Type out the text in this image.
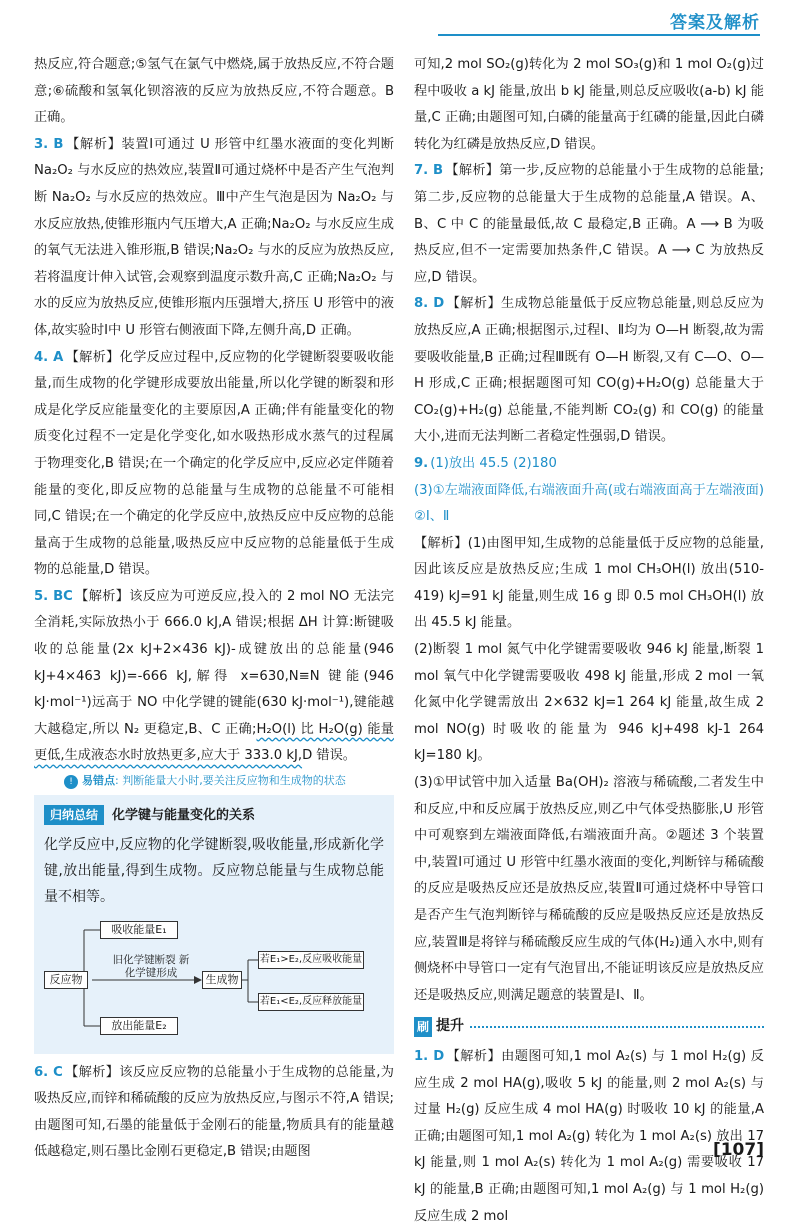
答案及解析

热反应,符合题意;⑤氢气在氯气中燃烧,属于放热反应,不符合题意;⑥硫酸和氢氧化钡溶液的反应为放热反应,不符合题意。B 正确。

3. B 【解析】装置Ⅰ可通过 U 形管中红墨水液面的变化判断 Na₂O₂ 与水反应的热效应,装置Ⅱ可通过烧杯中是否产生气泡判断 Na₂O₂ 与水反应的热效应。Ⅲ中产生气泡是因为 Na₂O₂ 与水反应放热,使锥形瓶内气压增大,A 正确;Na₂O₂ 与水反应生成的氧气无法进入锥形瓶,B 错误;Na₂O₂ 与水的反应为放热反应,若将温度计伸入试管,会观察到温度示数升高,C 正确;Na₂O₂ 与水的反应为放热反应,使锥形瓶内压强增大,挤压 U 形管中的液体,故实验时Ⅰ中 U 形管右侧液面下降,左侧升高,D 正确。

4. A 【解析】化学反应过程中,反应物的化学键断裂要吸收能量,而生成物的化学键形成要放出能量,所以化学键的断裂和形成是化学反应能量变化的主要原因,A 正确;伴有能量变化的物质变化过程不一定是化学变化,如水吸热形成水蒸气的过程属于物理变化,B 错误;在一个确定的化学反应中,反应必定伴随着能量的变化,即反应物的总能量与生成物的总能量不可能相同,C 错误;在一个确定的化学反应中,放热反应中反应物的总能量高于生成物的总能量,吸热反应中反应物的总能量低于生成物的总能量,D 错误。

5. BC 【解析】该反应为可逆反应,投入的 2 mol NO 无法完全消耗,实际放热小于 666.0 kJ,A 错误;根据 ΔH 计算:断键吸收的总能量(2x kJ+2×436 kJ)-成键放出的总能量(946 kJ+4×463 kJ)=-666 kJ,解得 x=630,N≡N 键能(946 kJ·mol⁻¹)远高于 NO 中化学键的键能(630 kJ·mol⁻¹),键能越大越稳定,所以 N₂ 更稳定,B、C 正确;H₂O(l) 比 H₂O(g) 能量更低,生成液态水时放热更多,应大于 333.0 kJ,D 错误。

! 易错点: 判断能量大小时,要关注反应物和生成物的状态
归纳总结 化学键与能量变化的关系

化学反应中,反应物的化学键断裂,吸收能量,形成新化学键,放出能量,得到生成物。反应物总能量与生成物总能量不相等。

反应物
吸收能量E₁
旧化学键断裂 新化学键形成
放出能量E₂
生成物
若E₁>E₂,反应吸收能量
若E₁<E₂,反应释放能量

6. C 【解析】该反应反应物的总能量小于生成物的总能量,为吸热反应,而锌和稀硫酸的反应为放热反应,与图示不符,A 错误;由题图可知,石墨的能量低于金刚石的能量,物质具有的能量越低越稳定,则石墨比金刚石更稳定,B 错误;由题图

可知,2 mol SO₂(g)转化为 2 mol SO₃(g)和 1 mol O₂(g)过程中吸收 a kJ 能量,放出 b kJ 能量,则总反应吸收(a-b) kJ 能量,C 正确;由题图可知,白磷的能量高于红磷的能量,因此白磷转化为红磷是放热反应,D 错误。

7. B 【解析】第一步,反应物的总能量小于生成物的总能量;第二步,反应物的总能量大于生成物的总能量,A 错误。A、B、C 中 C 的能量最低,故 C 最稳定,B 正确。A ⟶ B 为吸热反应,但不一定需要加热条件,C 错误。A ⟶ C 为放热反应,D 错误。

8. D 【解析】生成物总能量低于反应物总能量,则总反应为放热反应,A 正确;根据图示,过程Ⅰ、Ⅱ均为 O—H 断裂,故为需要吸收能量,B 正确;过程Ⅲ既有 O—H 断裂,又有 C—O、O—H 形成,C 正确;根据题图可知 CO(g)+H₂O(g) 总能量大于 CO₂(g)+H₂(g) 总能量,不能判断 CO₂(g) 和 CO(g) 的能量大小,进而无法判断二者稳定性强弱,D 错误。

9. (1)放出 45.5 (2)180

(3)①左端液面降低,右端液面升高(或右端液面高于左端液面) ②Ⅰ、Ⅱ

【解析】(1)由图甲知,生成物的总能量低于反应物的总能量,因此该反应是放热反应;生成 1 mol CH₃OH(l) 放出(510-419) kJ=91 kJ 能量,则生成 16 g 即 0.5 mol CH₃OH(l) 放出 45.5 kJ 能量。

(2)断裂 1 mol 氮气中化学键需要吸收 946 kJ 能量,断裂 1 mol 氧气中化学键需要吸收 498 kJ 能量,形成 2 mol 一氧化氮中化学键需放出 2×632 kJ=1 264 kJ 能量,故生成 2 mol NO(g) 时吸收的能量为 946 kJ+498 kJ-1 264 kJ=180 kJ。

(3)①甲试管中加入适量 Ba(OH)₂ 溶液与稀硫酸,二者发生中和反应,中和反应属于放热反应,则乙中气体受热膨胀,U 形管中可观察到左端液面降低,右端液面升高。②题述 3 个装置中,装置Ⅰ可通过 U 形管中红墨水液面的变化,判断锌与稀硫酸的反应是吸热反应还是放热反应,装置Ⅱ可通过烧杯中导管口是否产生气泡判断锌与稀硫酸的反应是吸热反应还是放热反应,装置Ⅲ是将锌与稀硫酸反应生成的气体(H₂)通入水中,则有侧烧杯中导管口一定有气泡冒出,不能证明该反应是放热反应还是吸热反应,则满足题意的装置是Ⅰ、Ⅱ。

刷 提升

1. D 【解析】由题图可知,1 mol A₂(s) 与 1 mol H₂(g) 反应生成 2 mol HA(g),吸收 5 kJ 的能量,则 2 mol A₂(s) 与过量 H₂(g) 反应生成 4 mol HA(g) 时吸收 10 kJ 的能量,A 正确;由题图可知,1 mol A₂(g) 转化为 1 mol A₂(s) 放出 17 kJ 能量,则 1 mol A₂(s) 转化为 1 mol A₂(g) 需要吸收 17 kJ 的能量,B 正确;由题图可知,1 mol A₂(g) 与 1 mol H₂(g) 反应生成 2 mol

[107]
